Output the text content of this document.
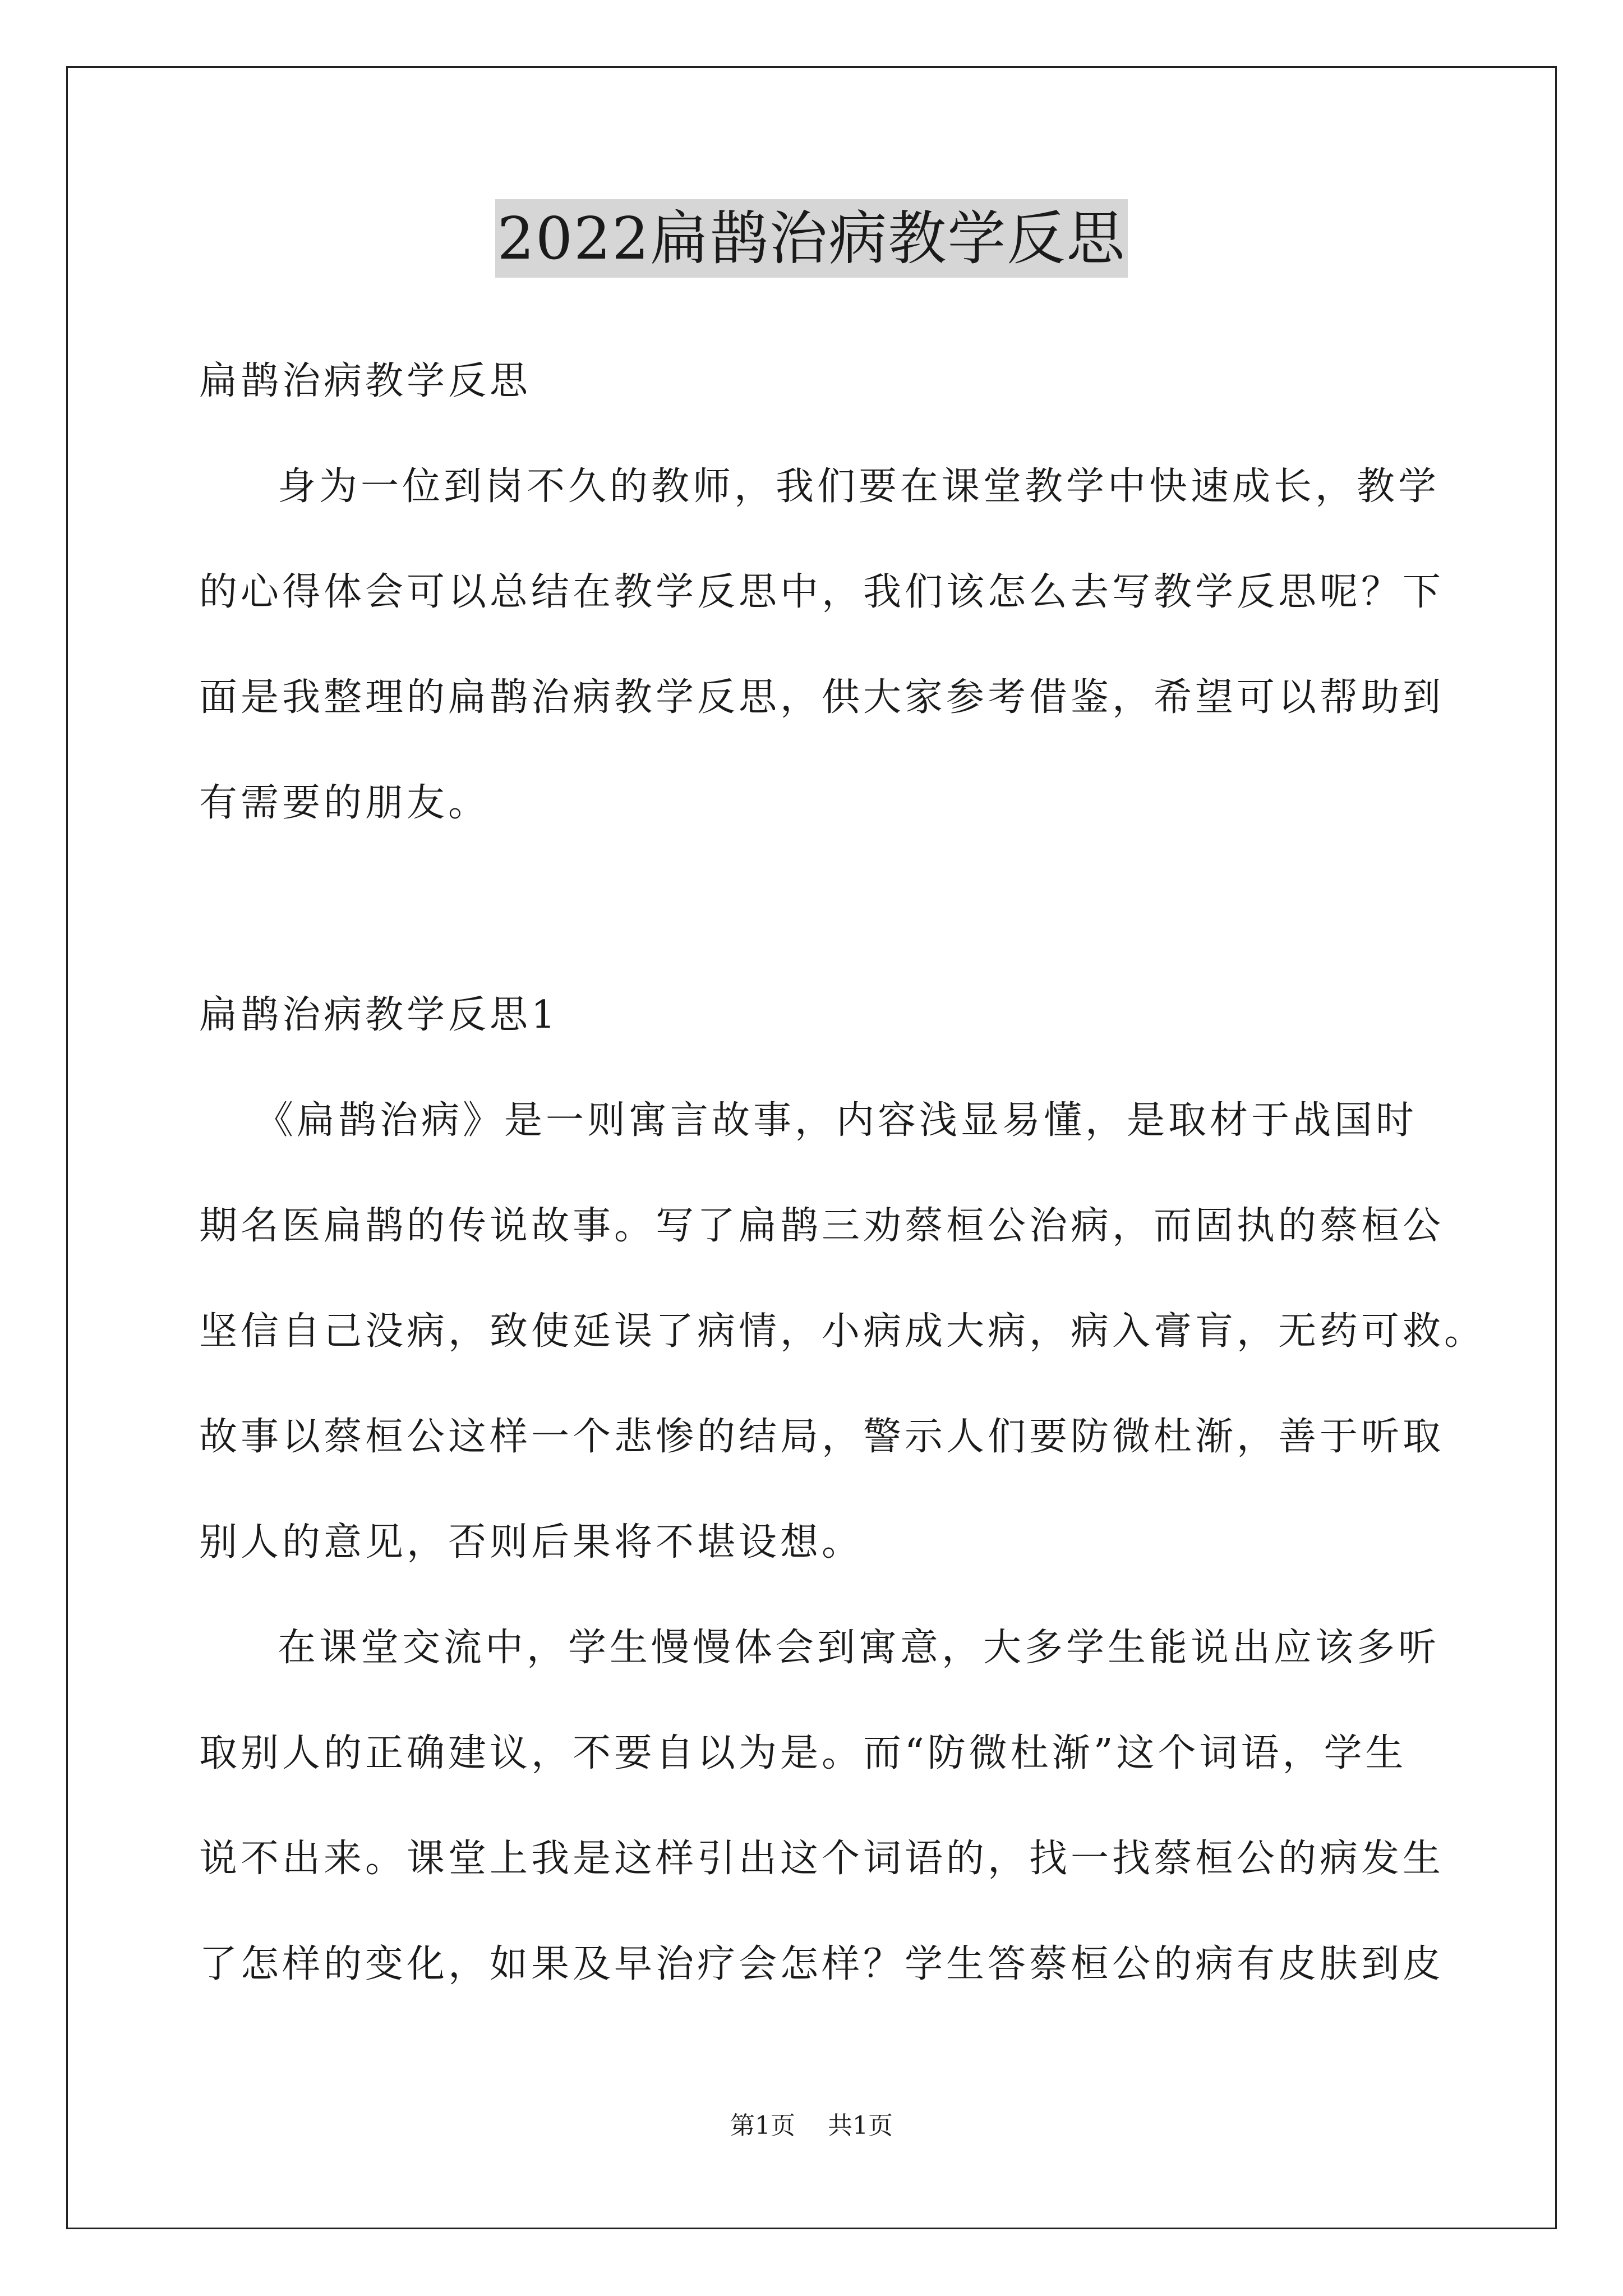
2022扁鹊治病教学反思
扁鹊治病教学反思
身为一位到岗不久的教师，我们要在课堂教学中快速成长，教学
的心得体会可以总结在教学反思中，我们该怎么去写教学反思呢？下
面是我整理的扁鹊治病教学反思，供大家参考借鉴，希望可以帮助到
有需要的朋友。
扁鹊治病教学反思1
《扁鹊治病》是一则寓言故事，内容浅显易懂，是取材于战国时
期名医扁鹊的传说故事。写了扁鹊三劝蔡桓公治病，而固执的蔡桓公
坚信自己没病，致使延误了病情，小病成大病，病入膏肓，无药可救。
故事以蔡桓公这样一个悲惨的结局，警示人们要防微杜渐，善于听取
别人的意见，否则后果将不堪设想。
在课堂交流中，学生慢慢体会到寓意，大多学生能说出应该多听
取别人的正确建议，不要自以为是。而“防微杜渐”这个词语，学生
说不出来。课堂上我是这样引出这个词语的，找一找蔡桓公的病发生
了怎样的变化，如果及早治疗会怎样？学生答蔡桓公的病有皮肤到皮
第1页 共1页
